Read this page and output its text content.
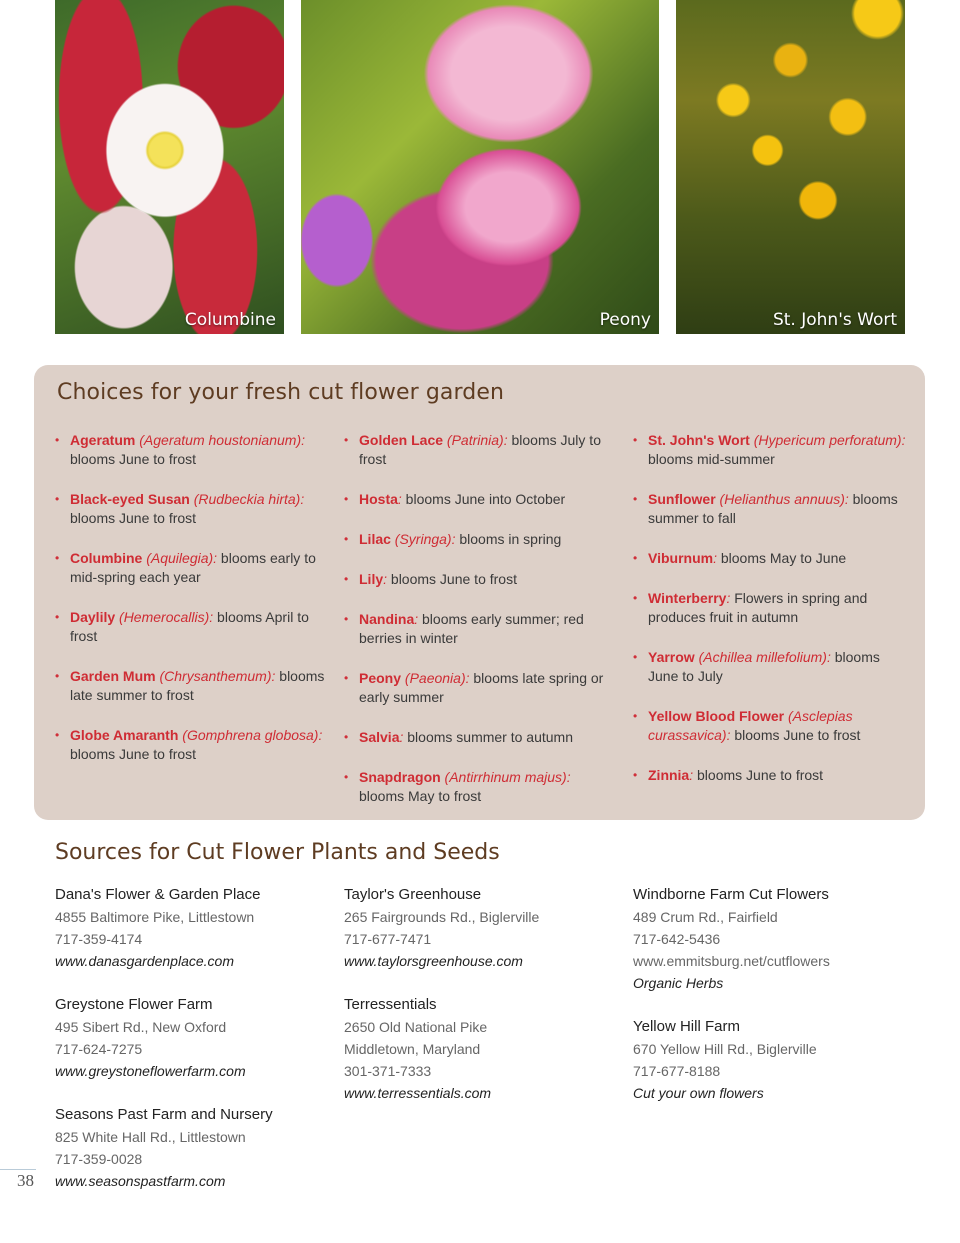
Columbine	Peony	St. John's Wort
Choices for your fresh cut flower garden
• Ageratum (Ageratum houstonianum): blooms June to frost
• Black-eyed Susan (Rudbeckia hirta): blooms June to frost
• Columbine (Aquilegia): blooms early to mid-spring each year
• Daylily (Hemerocallis): blooms April to frost
• Garden Mum (Chrysanthemum): blooms late summer to frost
• Globe Amaranth (Gomphrena globosa): blooms June to frost
• Golden Lace (Patrinia): blooms July to frost
• Hosta: blooms June into October
• Lilac (Syringa): blooms in spring
• Lily: blooms June to frost
• Nandina: blooms early summer; red berries in winter
• Peony (Paeonia): blooms late spring or early summer
• Salvia: blooms summer to autumn
• Snapdragon (Antirrhinum majus): blooms May to frost
• St. John's Wort (Hypericum perforatum): blooms mid-summer
• Sunflower (Helianthus annuus): blooms summer to fall
• Viburnum: blooms May to June
• Winterberry: Flowers in spring and produces fruit in autumn
• Yarrow (Achillea millefolium): blooms June to July
• Yellow Blood Flower (Asclepias curassavica): blooms June to frost
• Zinnia: blooms June to frost
Sources for Cut Flower Plants and Seeds
Dana's Flower & Garden Place
4855 Baltimore Pike, Littlestown
717-359-4174
www.danasgardenplace.com
Greystone Flower Farm
495 Sibert Rd., New Oxford
717-624-7275
www.greystoneflowerfarm.com
Seasons Past Farm and Nursery
825 White Hall Rd., Littlestown
717-359-0028
www.seasonspastfarm.com
Taylor's Greenhouse
265 Fairgrounds Rd., Biglerville
717-677-7471
www.taylorsgreenhouse.com
Terressentials
2650 Old National Pike
Middletown, Maryland
301-371-7333
www.terressentials.com
Windborne Farm Cut Flowers
489 Crum Rd., Fairfield
717-642-5436
www.emmitsburg.net/cutflowers
Organic Herbs
Yellow Hill Farm
670 Yellow Hill Rd., Biglerville
717-677-8188
Cut your own flowers
38
